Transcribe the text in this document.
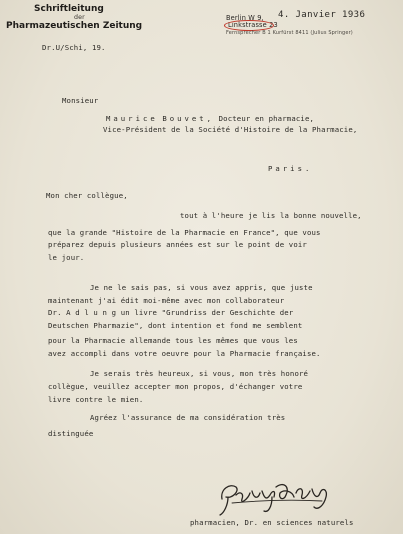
Schriftleitung
der
Pharmazeutischen Zeitung
Berlin W 9,
Linkstrasse 23
Fernsprecher B 1 Kurfürst 8411 (Julius Springer)
4. Janvier 1936
Dr.U/Schi, 19.
Monsieur
Maurice Bouvet, Docteur en pharmacie,
Vice-Président de la Société d'Histoire de la Pharmacie,
Paris.
Mon cher collègue,
tout à l'heure je lis la bonne nouvelle,
que la grande "Histoire de la Pharmacie en France", que vous
préparez depuis plusieurs années est sur le point de voir
le jour.
Je ne le sais pas, si vous avez appris, que juste
maintenant j'ai édit moi-même avec mon collaborateur
Dr. A d l u n g un livre "Grundriss der Geschichte der
Deutschen Pharmazie", dont intention et fond me semblent
pour la Pharmacie allemande tous les mêmes que vous les
avez accompli dans votre oeuvre pour la Pharmacie française.
Je serais très heureux, si vous, mon très honoré
collègue, veuillez accepter mon propos, d'échanger votre
livre contre le mien.
Agréez l'assurance de ma considération très
distinguée
pharmacien, Dr. en sciences naturels
